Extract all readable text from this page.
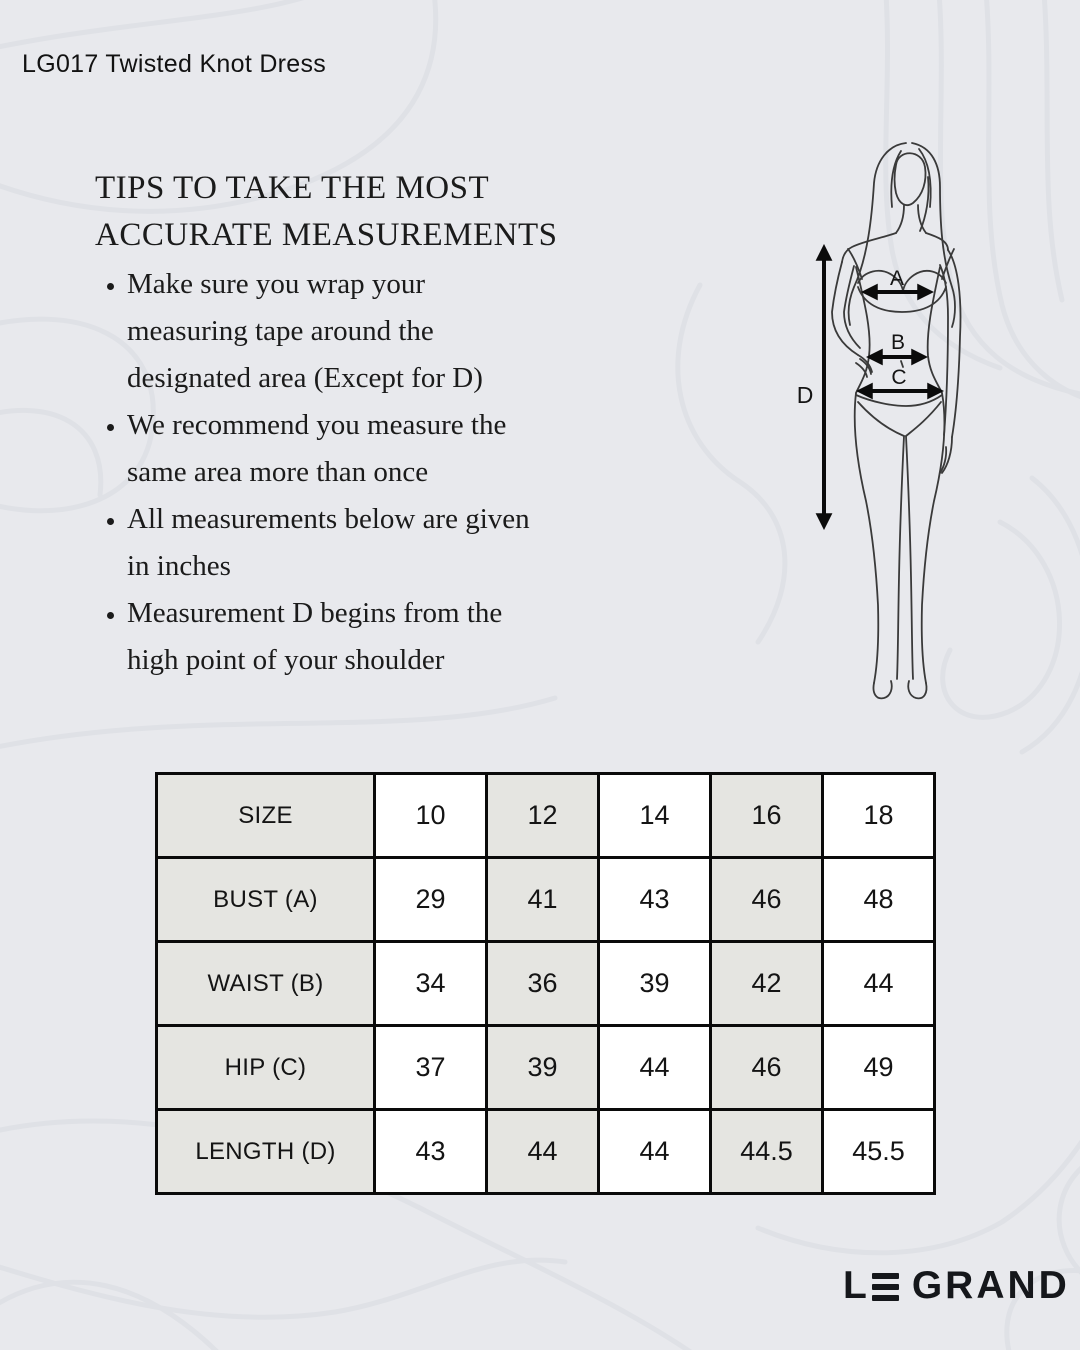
LG017 Twisted Knot Dress
TIPS TO TAKE THE MOST
ACCURATE MEASUREMENTS
• Make sure you wrap your measuring tape around the designated area (Except for D)
• We recommend you measure the same area more than once
• All measurements below are given in inches
• Measurement D begins from the high point of your shoulder
A
B
C
D
SIZE	10	12	14	16	18
BUST (A)	29	41	43	46	48
WAIST (B)	34	36	39	42	44
HIP (C)	37	39	44	46	49
LENGTH (D)	43	44	44	44.5	45.5
L GRAND
